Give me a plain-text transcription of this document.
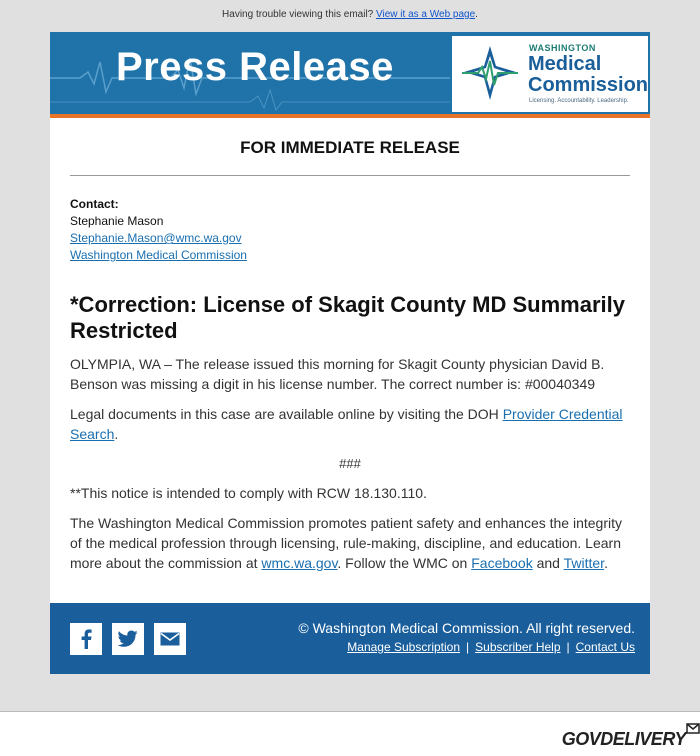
Having trouble viewing this email? View it as a Web page.
Press Release	WASHINGTON
Medical
Commission
Licensing. Accountability. Leadership.
FOR IMMEDIATE RELEASE
Contact:
Stephanie Mason
Stephanie.Mason@wmc.wa.gov
Washington Medical Commission
*Correction: License of Skagit County MD Summarily Restricted
OLYMPIA, WA – The release issued this morning for Skagit County physician David B. Benson was missing a digit in his license number. The correct number is: #00040349
Legal documents in this case are available online by visiting the DOH Provider Credential Search.
###
**This notice is intended to comply with RCW 18.130.110.
The Washington Medical Commission promotes patient safety and enhances the integrity of the medical profession through licensing, rule-making, discipline, and education. Learn more about the commission at wmc.wa.gov. Follow the WMC on Facebook and Twitter.
© Washington Medical Commission. All right reserved.
Manage Subscription | Subscriber Help | Contact Us
GOVDELIVERY
